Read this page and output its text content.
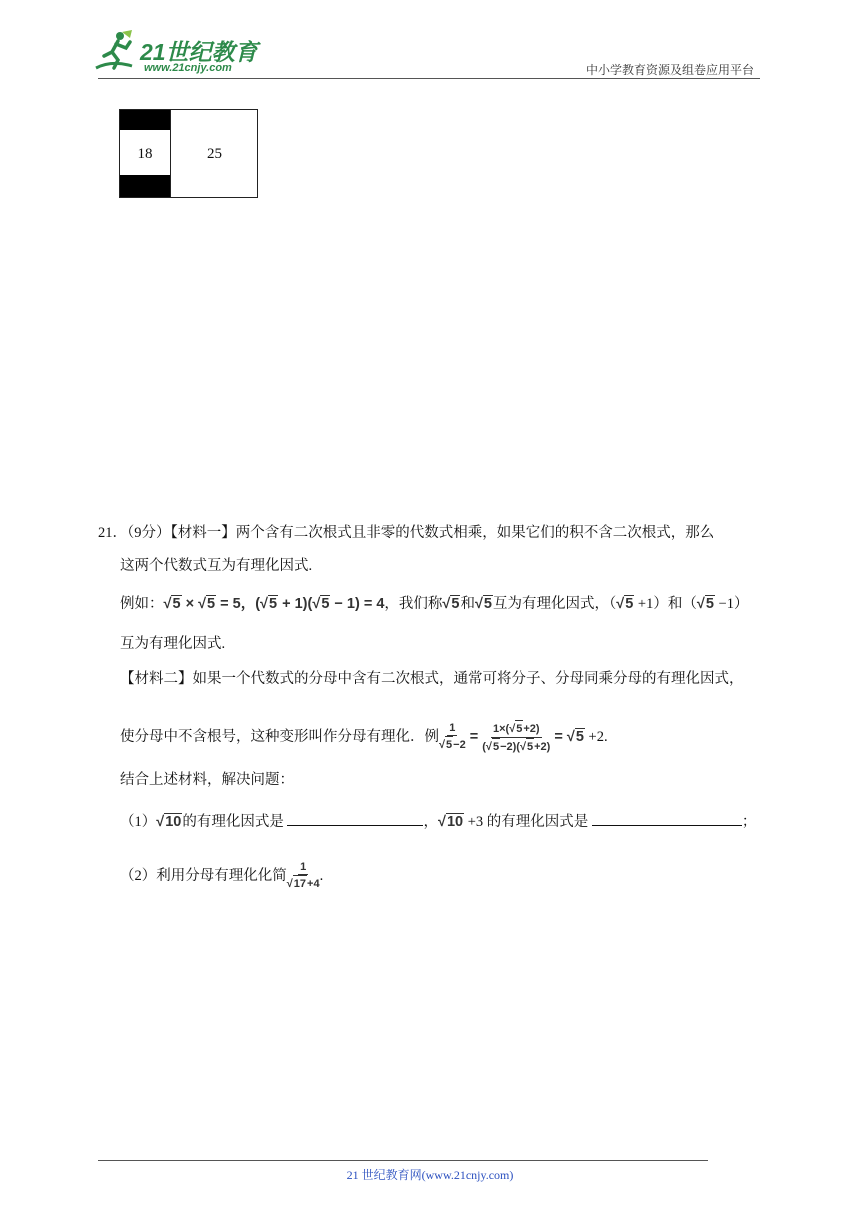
21世纪教育
www.21cnjy.com	中小学教育资源及组卷应用平台
18	25
21．（9分）【材料一】两个含有二次根式且非零的代数式相乘，如果它们的积不含二次根式，那么
这两个代数式互为有理化因式.
例如：√5 × √5 = 5，(√5 + 1)(√5 − 1) = 4，我们称√5和√5互为有理化因式，（√5 +1）和（√5 −1）
互为有理化因式.
【材料二】如果一个代数式的分母中含有二次根式，通常可将分子、分母同乘分母的有理化因式，
使分母中不含根号，这种变形叫作分母有理化．例 $\frac{1}{√5-2} = \frac{1\times(√5+2)}{(√5-2)(√5+2)} = √5 +2$.
结合上述材料，解决问题：
（1）√10的有理化因式是	，√10 +3 的有理化因式是	；
（2）利用分母有理化化简 $\frac{1}{√17+4}$ .
21 世纪教育网(www.21cnjy.com)
